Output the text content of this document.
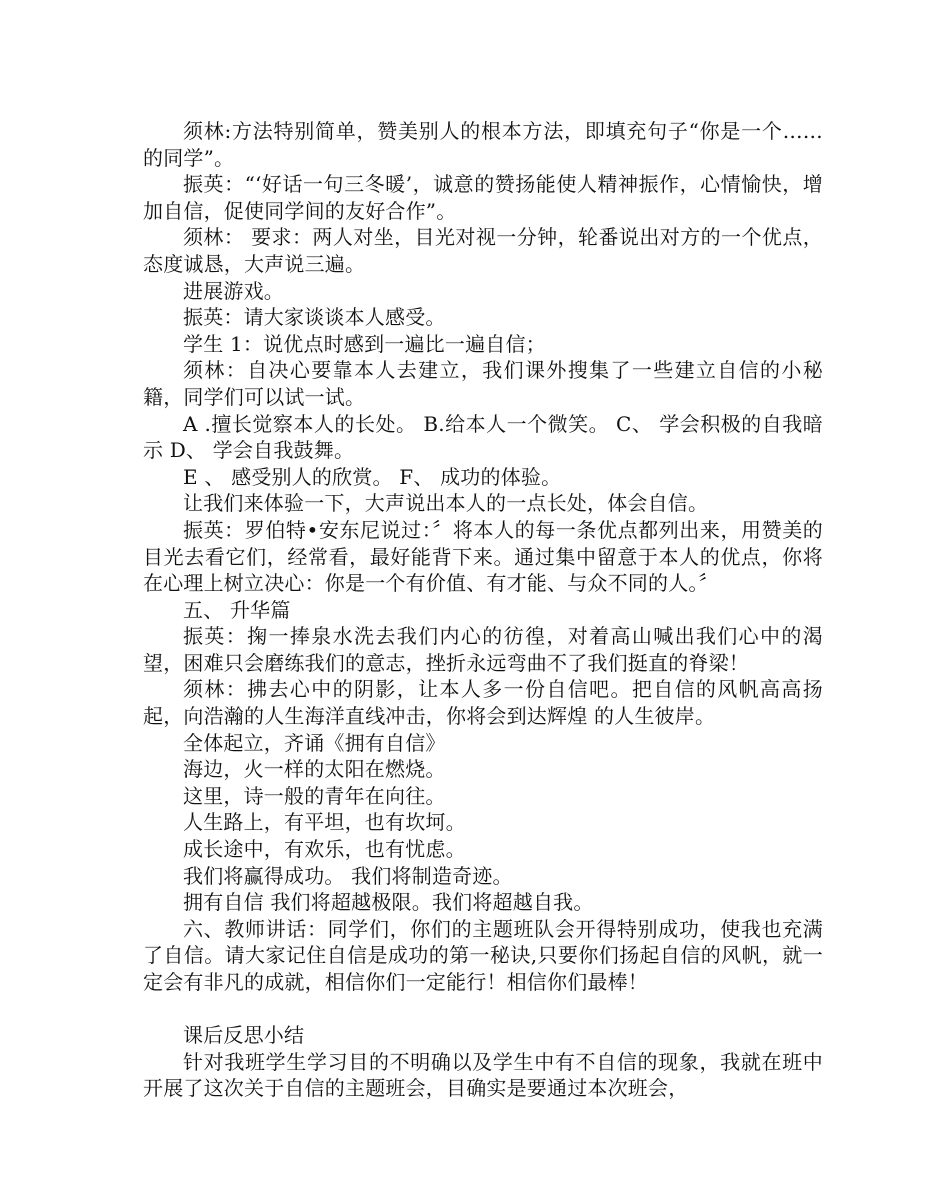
须林:方法特别简单，赞美别人的根本方法，即填充句子“你是一个……的同学”。

振英：“‘好话一句三冬暖’，诚意的赞扬能使人精神振作，心情愉快，增加自信，促使同学间的友好合作”。

须林： 要求：两人对坐，目光对视一分钟，轮番说出对方的一个优点，态度诚恳，大声说三遍。

进展游戏。

振英：请大家谈谈本人感受。

学生 1：说优点时感到一遍比一遍自信；

须林：自决心要靠本人去建立，我们课外搜集了一些建立自信的小秘籍，同学们可以试一试。

A .擅长觉察本人的长处。 B.给本人一个微笑。 C、 学会积极的自我暗示 D、 学会自我鼓舞。

E 、 感受别人的欣赏。 F、 成功的体验。

让我们来体验一下，大声说出本人的一点长处，体会自信。

振英：罗伯特•安东尼说过：〞将本人的每一条优点都列出来，用赞美的目光去看它们，经常看，最好能背下来。通过集中留意于本人的优点，你将在心理上树立决心：你是一个有价值、有才能、与众不同的人。〞

五、 升华篇

振英：掬一捧泉水洗去我们内心的彷徨，对着高山喊出我们心中的渴望，困难只会磨练我们的意志，挫折永远弯曲不了我们挺直的脊梁！

须林：拂去心中的阴影，让本人多一份自信吧。把自信的风帆高高扬起，向浩瀚的人生海洋直线冲击，你将会到达辉煌 的人生彼岸。

全体起立，齐诵《拥有自信》

海边，火一样的太阳在燃烧。

这里，诗一般的青年在向往。

人生路上，有平坦，也有坎坷。

成长途中，有欢乐，也有忧虑。

我们将赢得成功。 我们将制造奇迹。

拥有自信 我们将超越极限。我们将超越自我。

六、教师讲话：同学们，你们的主题班队会开得特别成功，使我也充满了自信。请大家记住自信是成功的第一秘诀,只要你们扬起自信的风帆，就一定会有非凡的成就，相信你们一定能行！相信你们最棒！

课后反思小结

针对我班学生学习目的不明确以及学生中有不自信的现象，我就在班中开展了这次关于自信的主题班会，目确实是要通过本次班会，
